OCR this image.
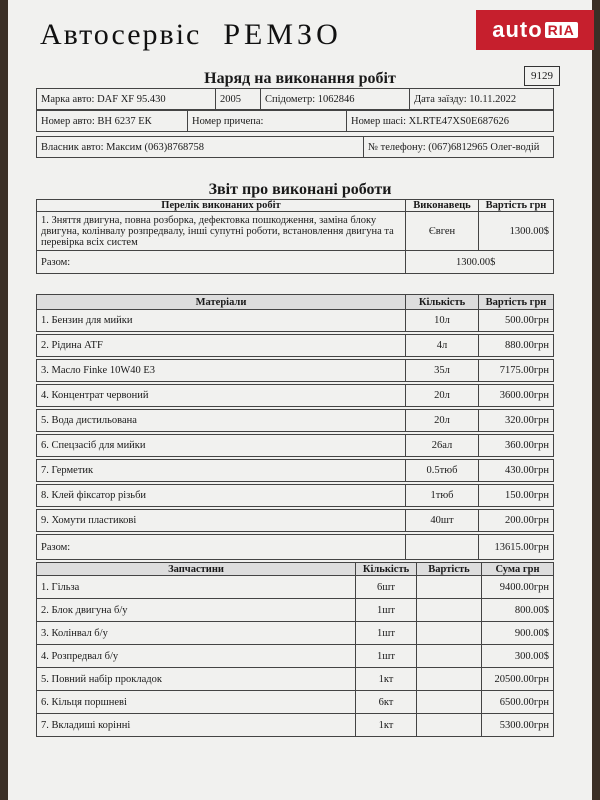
Автосервіс РЕМЗО	auto RIA
9129
Наряд на виконання робіт
Марка авто: DAF XF 95.430	2005	Спідометр: 1062846	Дата заїзду: 10.11.2022
Номер авто: ВН 6237 ЕК	Номер причепа:	Номер шасі: XLRTE47XS0E687626
Власник авто: Максим (063)8768758	№ телефону: (067)6812965 Олег-водій
Звіт про виконані роботи
Перелік виконаних робіт	Виконавець	Вартість грн
1. Зняття двигуна, повна розборка, дефектовка пошкодження, заміна блоку двигуна, колінвалу розпредвалу, інші супутні роботи, встановлення двигуна та перевірка всіх систем	Євген	1300.00$
Разом:	1300.00$	
Матеріали	Кількість	Вартість грн
1. Бензин для мийки	10л	500.00грн

2. Рідина ATF	4л	880.00грн

3. Масло Finke 10W40 E3	35л	7175.00грн

4. Концентрат червоний	20л	3600.00грн

5. Вода дистильована	20л	320.00грн

6. Спецзасіб для мийки	26ал	360.00грн

7. Герметик	0.5тюб	430.00грн

8. Клей фіксатор різьби	1тюб	150.00грн

9. Хомути пластикові	40шт	200.00грн

Разом:		13615.00грн
Запчастини	Кількість	Вартість	Сума грн
1. Гільза	6шт		9400.00грн
2. Блок двигуна б/у	1шт		800.00$
3. Колінвал б/у	1шт		900.00$
4. Розпредвал б/у	1шт		300.00$
5. Повний набір прокладок	1кт		20500.00грн
6. Кільця поршневі	6кт		6500.00грн
7. Вкладиші корінні	1кт		5300.00грн
